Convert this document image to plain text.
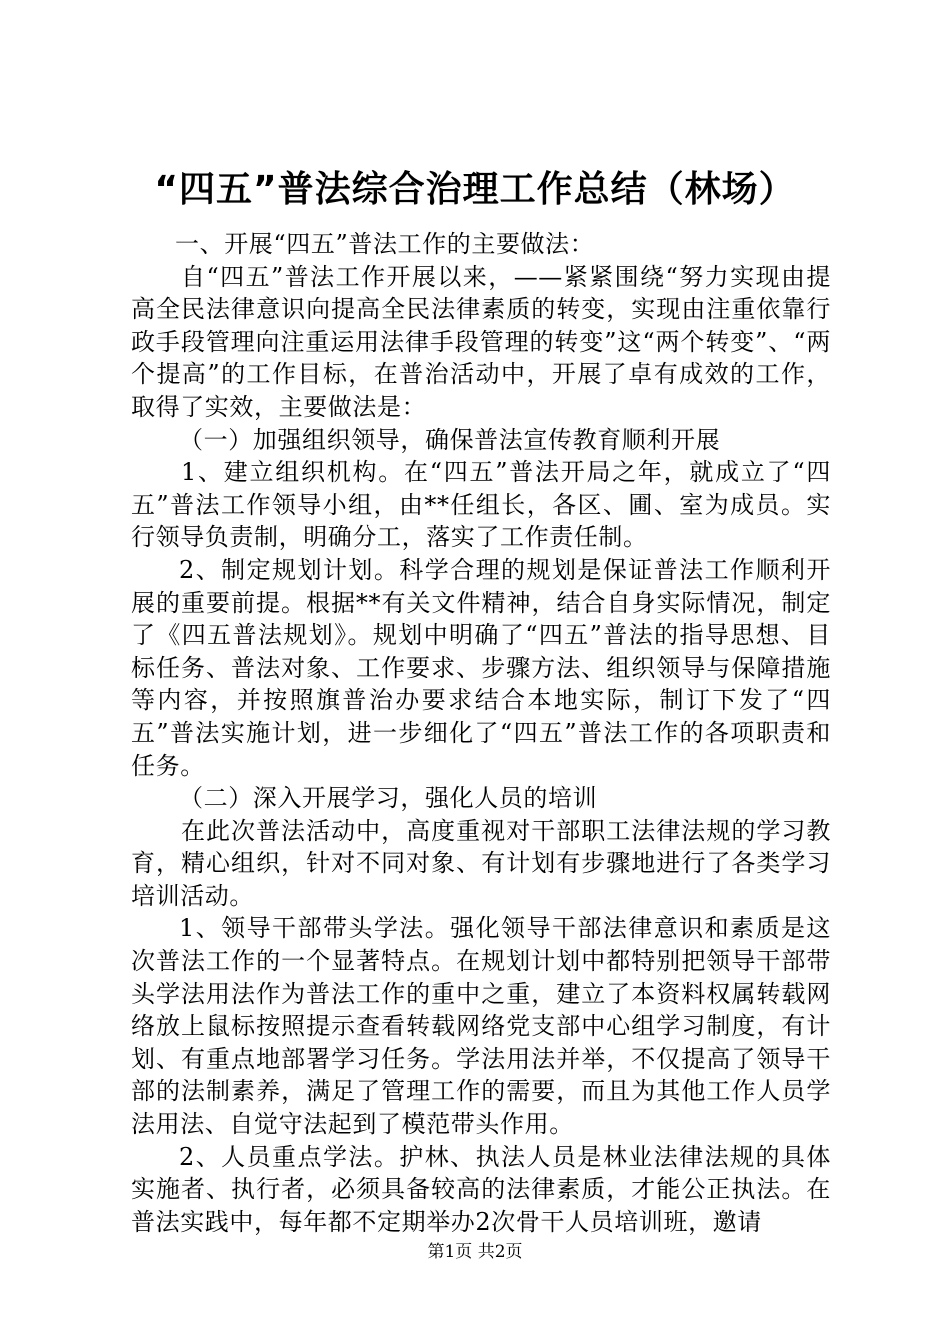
“四五”普法综合治理工作总结（林场）

一、开展“四五”普法工作的主要做法：

自“四五”普法工作开展以来，——紧紧围绕“努力实现由提高全民法律意识向提高全民法律素质的转变，实现由注重依靠行政手段管理向注重运用法律手段管理的转变”这“两个转变”、“两个提高”的工作目标，在普治活动中，开展了卓有成效的工作，取得了实效，主要做法是：

（一）加强组织领导，确保普法宣传教育顺利开展

1、建立组织机构。在“四五”普法开局之年，就成立了“四五”普法工作领导小组，由**任组长，各区、圃、室为成员。实行领导负责制，明确分工，落实了工作责任制。

2、制定规划计划。科学合理的规划是保证普法工作顺利开展的重要前提。根据**有关文件精神，结合自身实际情况，制定了《四五普法规划》。规划中明确了“四五”普法的指导思想、目标任务、普法对象、工作要求、步骤方法、组织领导与保障措施等内容，并按照旗普治办要求结合本地实际，制订下发了“四五”普法实施计划，进一步细化了“四五”普法工作的各项职责和任务。

（二）深入开展学习，强化人员的培训

在此次普法活动中，高度重视对干部职工法律法规的学习教育，精心组织，针对不同对象、有计划有步骤地进行了各类学习培训活动。

1、领导干部带头学法。强化领导干部法律意识和素质是这次普法工作的一个显著特点。在规划计划中都特别把领导干部带头学法用法作为普法工作的重中之重，建立了本资料权属转载网络放上鼠标按照提示查看转载网络党支部中心组学习制度，有计划、有重点地部署学习任务。学法用法并举，不仅提高了领导干部的法制素养，满足了管理工作的需要，而且为其他工作人员学法用法、自觉守法起到了模范带头作用。

2、人员重点学法。护林、执法人员是林业法律法规的具体实施者、执行者，必须具备较高的法律素质，才能公正执法。在普法实践中，每年都不定期举办2次骨干人员培训班，邀请

第1页 共2页
